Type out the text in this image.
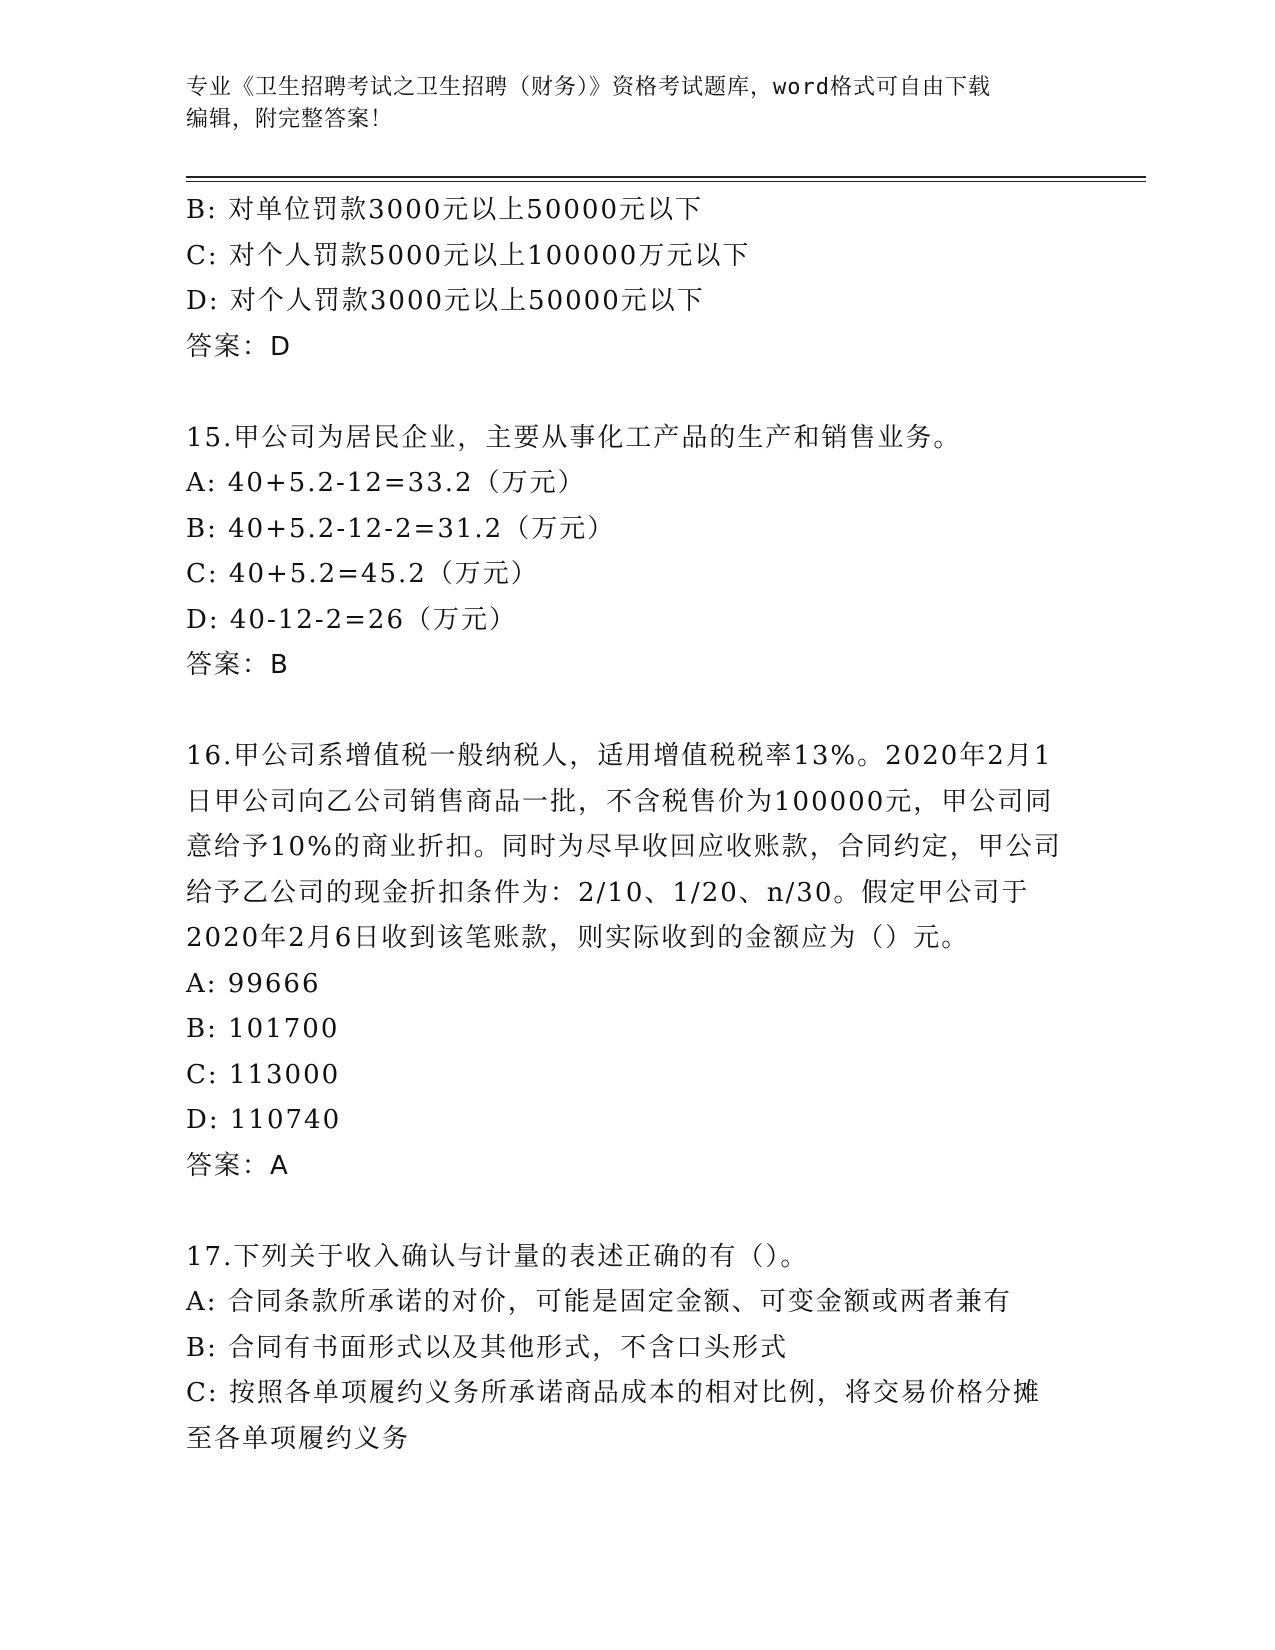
专业《卫生招聘考试之卫生招聘（财务）》资格考试题库，word格式可自由下载
编辑，附完整答案！
B: 对单位罚款3000元以上50000元以下
C: 对个人罚款5000元以上100000万元以下
D: 对个人罚款3000元以上50000元以下
答案：D
15.甲公司为居民企业，主要从事化工产品的生产和销售业务。
A: 40+5.2-12=33.2（万元）
B: 40+5.2-12-2=31.2（万元）
C: 40+5.2=45.2（万元）
D: 40-12-2=26（万元）
答案：B
16.甲公司系增值税一般纳税人，适用增值税税率13%。2020年2月1
日甲公司向乙公司销售商品一批，不含税售价为100000元，甲公司同
意给予10%的商业折扣。同时为尽早收回应收账款，合同约定，甲公司
给予乙公司的现金折扣条件为：2/10、1/20、n/30。假定甲公司于
2020年2月6日收到该笔账款，则实际收到的金额应为（）元。
A: 99666
B: 101700
C: 113000
D: 110740
答案：A
17.下列关于收入确认与计量的表述正确的有（）。
A: 合同条款所承诺的对价，可能是固定金额、可变金额或两者兼有
B: 合同有书面形式以及其他形式，不含口头形式
C: 按照各单项履约义务所承诺商品成本的相对比例，将交易价格分摊
至各单项履约义务
